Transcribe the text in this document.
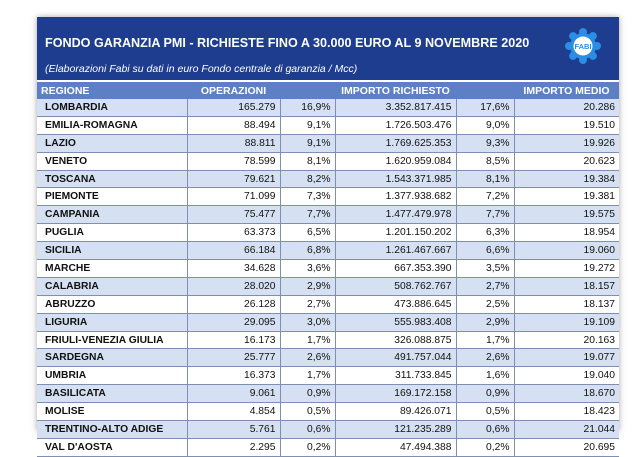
FONDO GARANZIA PMI - RICHIESTE FINO A 30.000 EURO AL 9 NOVEMBRE 2020
(Elaborazioni Fabi su dati in euro Fondo centrale di garanzia / Mcc)
FABI
REGIONE	OPERAZIONI		IMPORTO RICHIESTO		IMPORTO MEDIO
LOMBARDIA	165.279	16,9%	3.352.817.415	17,6%	20.286
EMILIA-ROMAGNA	88.494	9,1%	1.726.503.476	9,0%	19.510
LAZIO	88.811	9,1%	1.769.625.353	9,3%	19.926
VENETO	78.599	8,1%	1.620.959.084	8,5%	20.623
TOSCANA	79.621	8,2%	1.543.371.985	8,1%	19.384
PIEMONTE	71.099	7,3%	1.377.938.682	7,2%	19.381
CAMPANIA	75.477	7,7%	1.477.479.978	7,7%	19.575
PUGLIA	63.373	6,5%	1.201.150.202	6,3%	18.954
SICILIA	66.184	6,8%	1.261.467.667	6,6%	19.060
MARCHE	34.628	3,6%	667.353.390	3,5%	19.272
CALABRIA	28.020	2,9%	508.762.767	2,7%	18.157
ABRUZZO	26.128	2,7%	473.886.645	2,5%	18.137
LIGURIA	29.095	3,0%	555.983.408	2,9%	19.109
FRIULI-VENEZIA GIULIA	16.173	1,7%	326.088.875	1,7%	20.163
SARDEGNA	25.777	2,6%	491.757.044	2,6%	19.077
UMBRIA	16.373	1,7%	311.733.845	1,6%	19.040
BASILICATA	9.061	0,9%	169.172.158	0,9%	18.670
MOLISE	4.854	0,5%	89.426.071	0,5%	18.423
TRENTINO-ALTO ADIGE	5.761	0,6%	121.235.289	0,6%	21.044
VAL D'AOSTA	2.295	0,2%	47.494.388	0,2%	20.695
